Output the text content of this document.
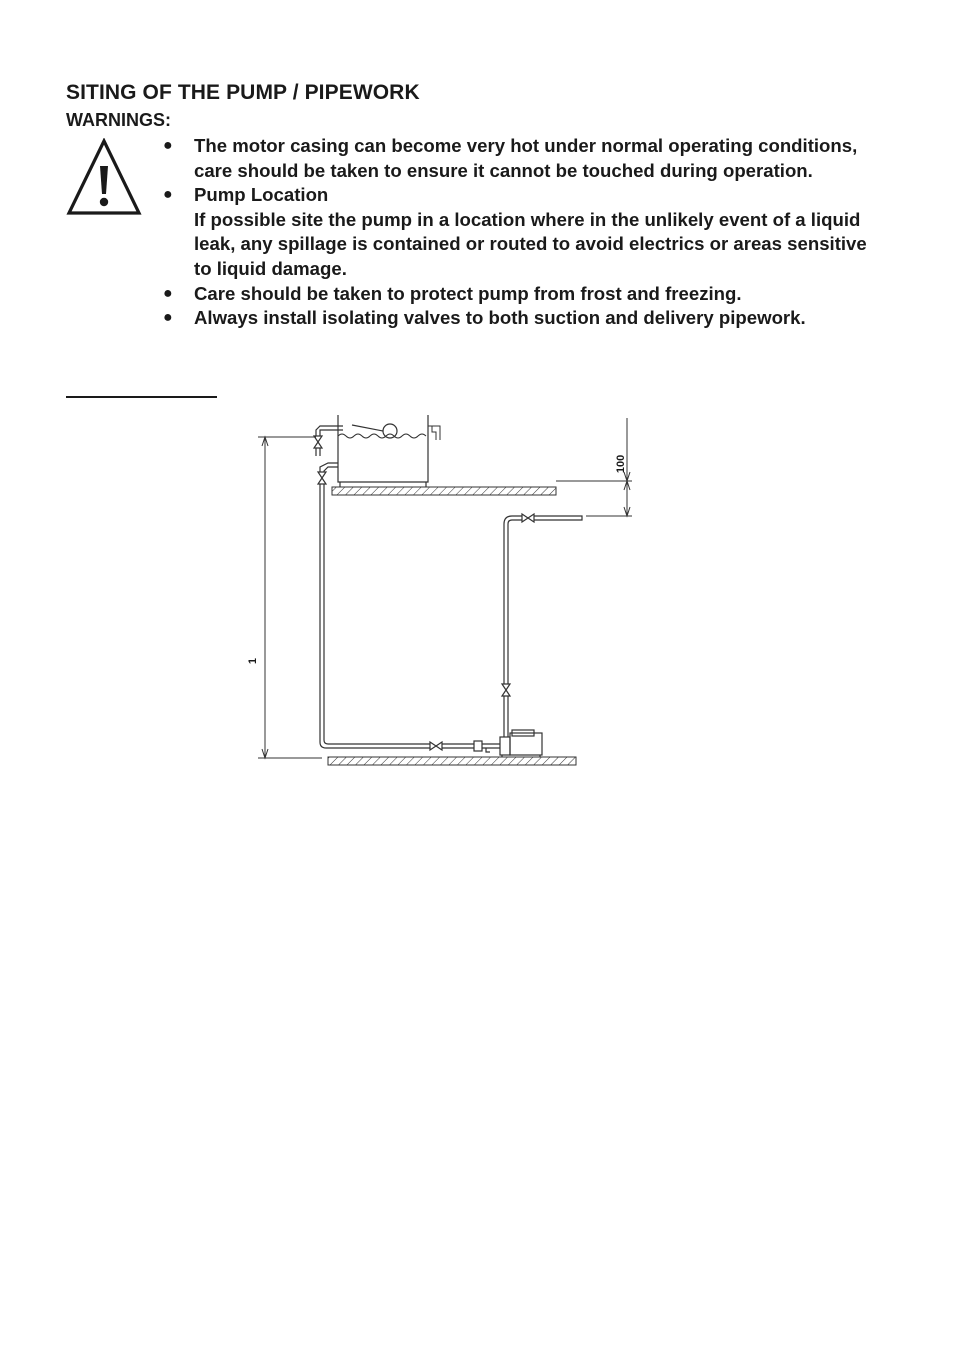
SITING OF THE PUMP / PIPEWORK
WARNINGS:
● The motor casing can become very hot under normal operating conditions, care should be taken to ensure it cannot be touched during operation.
● Pump Location
If possible site the pump in a location where in the unlikely event of a liquid leak, any spillage is contained or routed to avoid electrics or areas sensitive to liquid damage.
● Care should be taken to protect pump from frost and freezing.
● Always install isolating valves to both suction and delivery pipework.
1
100
